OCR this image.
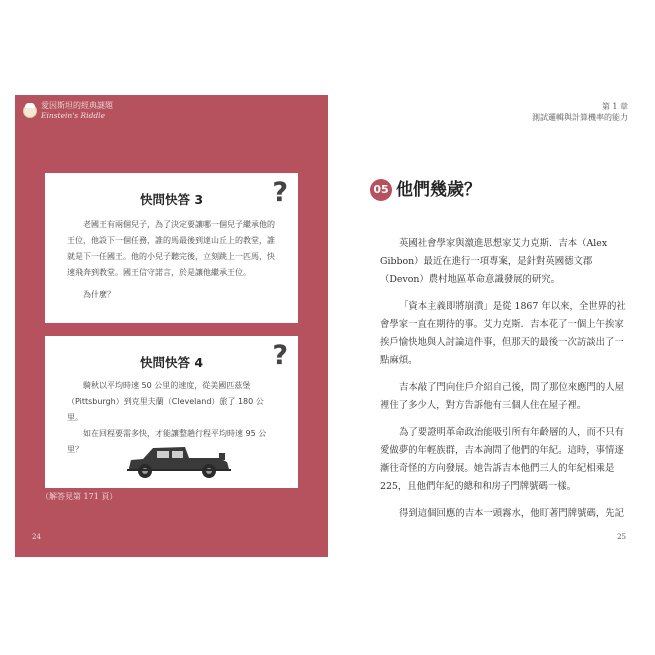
愛因斯坦的經典謎題
Einstein's Riddle
?
快問快答 3

老國王有兩個兒子，為了決定要讓哪一個兒子繼承他的王位，他設下一個任務，誰的馬最後到達山丘上的教堂，誰就是下一任國王。他的小兒子聽完後，立刻跳上一匹馬，快速飛奔到教堂。國王信守諾言，於是讓他繼承王位。

為什麼？

?
快問快答 4

騎秋以平均時速 50 公里的速度，從美國匹茲堡（Pittsburgh）到克里夫蘭（Cleveland）旅了 180 公里。

如在回程要需多快，才能讓整趟行程平均時速 95 公里？

（解答見第 171 頁）
24
第 1 章
測試邏輯與計算機率的能力
05 他們幾歲？

英國社會學家與激進思想家艾力克斯．吉本（Alex Gibbon）最近在進行一項專案，是針對英國德文郡（Devon）農村地區革命意識發展的研究。

「資本主義即將崩潰」是從 1867 年以來，全世界的社會學家一直在期待的事。艾力克斯．吉本花了一個上午挨家挨戶愉快地與人討論這件事，但那天的最後一次訪談出了一點麻煩。

吉本敲了門向住戶介紹自己後，問了那位來應門的人屋裡住了多少人，對方告訴他有三個人住在屋子裡。

為了要證明革命政治能吸引所有年齡層的人，而不只有愛做夢的年輕族群，吉本詢問了他們的年紀。這時，事情逐漸往奇怪的方向發展。她告訴吉本他們三人的年紀相乘是 225，且他們年紀的總和和房子門牌號碼一樣。

得到這個回應的吉本一頭霧水，他盯著門牌號碼，先記

25
